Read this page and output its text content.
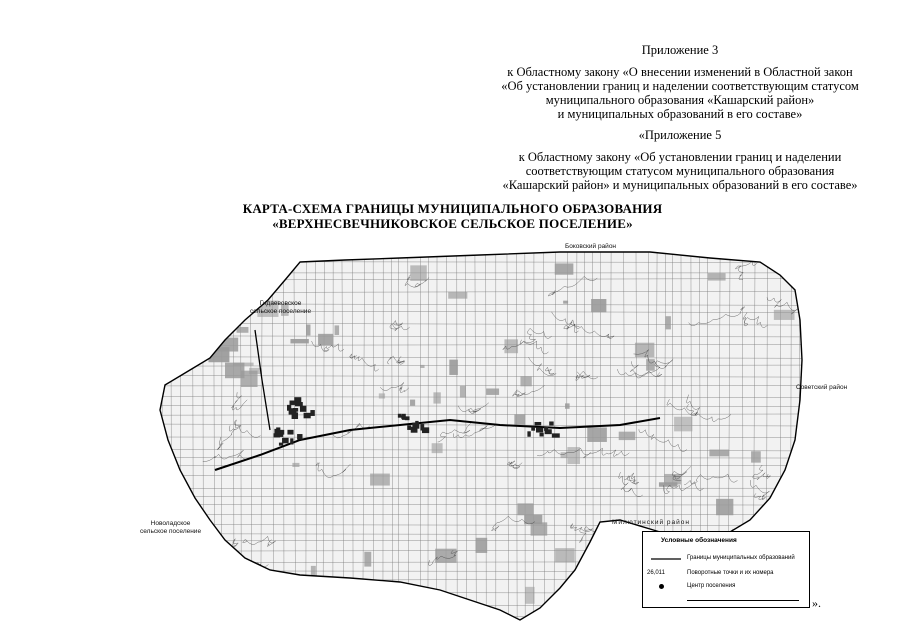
Приложение 3
к Областному закону «О внесении изменений в Областной закон
«Об установлении границ и наделении соответствующим статусом
муниципального образования «Кашарский район»
и муниципальных образований в его составе»
«Приложение 5
к Областному закону «Об установлении границ и наделении
соответствующим статусом муниципального образования
«Кашарский район» и муниципальных образований в его составе»
КАРТА-СХЕМА ГРАНИЦЫ МУНИЦИПАЛЬНОГО ОБРАЗОВАНИЯ
«ВЕРХНЕСВЕЧНИКОВСКОЕ СЕЛЬСКОЕ ПОСЕЛЕНИЕ»
Боковский район
Советский район
Милютинский район
Гидаевовское
сельское поселение
Новоладское
сельское поселение
Условные обозначения
Границы муниципальных образований
26,011	Поворотные точки и их номера
Центр поселения
».
